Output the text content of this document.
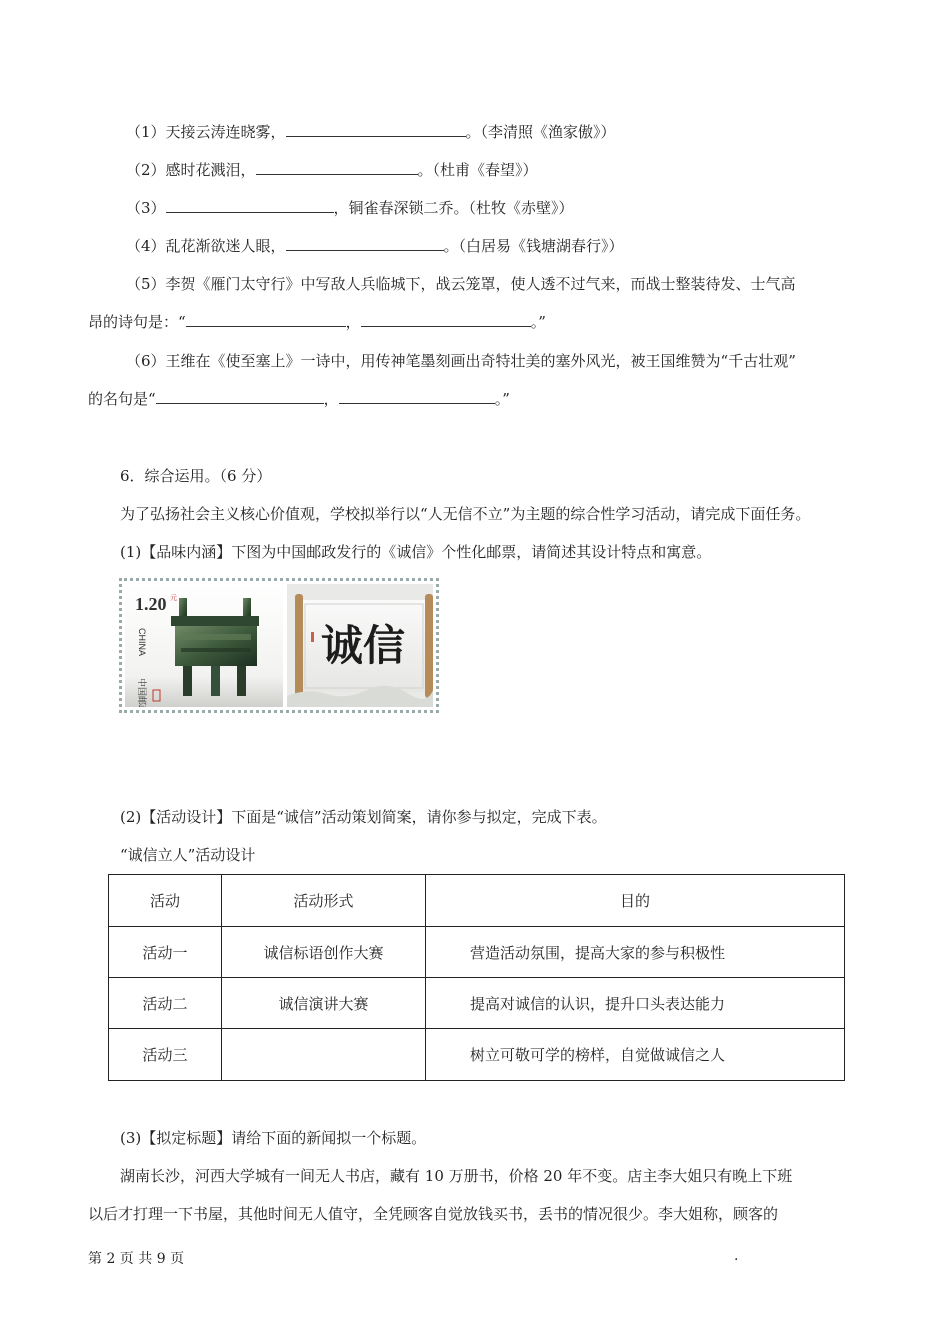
（1）天接云涛连晓雾，	。（李清照《渔家傲》）
（2）感时花溅泪，	。（杜甫《春望》）
（3）	，铜雀春深锁二乔。（杜牧《赤壁》）
（4）乱花渐欲迷人眼，	。（白居易《钱塘湖春行》）
（5）李贺《雁门太守行》中写敌人兵临城下，战云笼罩，使人透不过气来，而战士整装待发、士气高
昂的诗句是：“	，	。”
（6）王维在《使至塞上》一诗中，用传神笔墨刻画出奇特壮美的塞外风光，被王国维赞为“千古壮观”
的名句是“	，	。”
6．综合运用。（6 分）
为了弘扬社会主义核心价值观，学校拟举行以“人无信不立”为主题的综合性学习活动，请完成下面任务。
(1)【品味内涵】下图为中国邮政发行的《诚信》个性化邮票，请简述其设计特点和寓意。
1.20 元
CHINA
中国邮政
诚信
(2)【活动设计】下面是“诚信”活动策划简案，请你参与拟定，完成下表。
“诚信立人”活动设计
活动	活动形式	目的
活动一	诚信标语创作大赛	营造活动氛围，提高大家的参与积极性
活动二	诚信演讲大赛	提高对诚信的认识，提升口头表达能力
活动三		树立可敬可学的榜样，自觉做诚信之人
(3)【拟定标题】请给下面的新闻拟一个标题。
湖南长沙，河西大学城有一间无人书店，藏有 10 万册书，价格 20 年不变。店主李大姐只有晚上下班
以后才打理一下书屋，其他时间无人值守，全凭顾客自觉放钱买书，丢书的情况很少。李大姐称，顾客的
第 2 页 共 9 页	.
